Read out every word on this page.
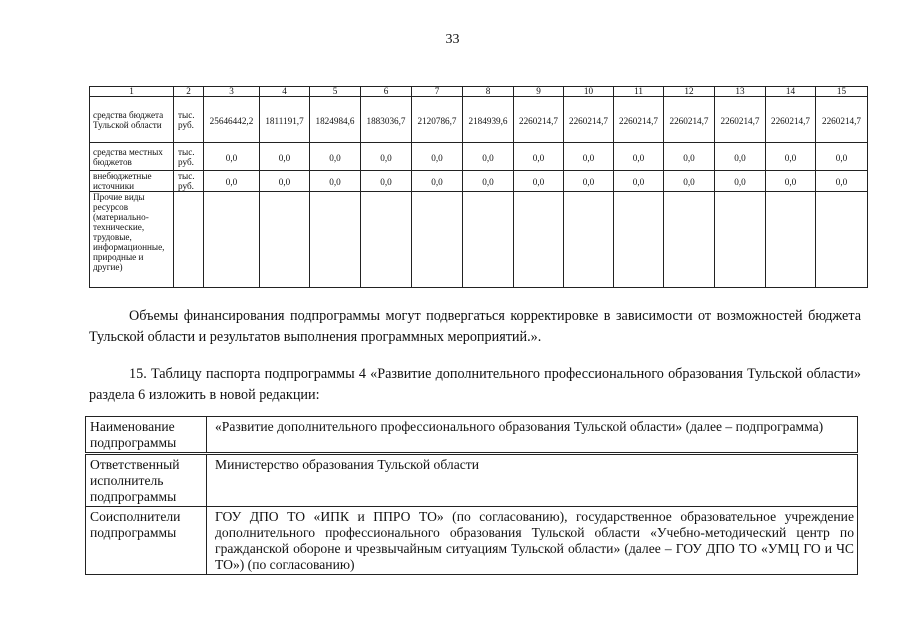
33
1	2	3	4	5	6	7	8	9	10	11	12	13	14	15
средства бюджета Тульской области	тыс. руб.	25646442,2	1811191,7	1824984,6	1883036,7	2120786,7	2184939,6	2260214,7	2260214,7	2260214,7	2260214,7	2260214,7	2260214,7	2260214,7
средства местных бюджетов	тыс. руб.	0,0	0,0	0,0	0,0	0,0	0,0	0,0	0,0	0,0	0,0	0,0	0,0	0,0
внебюджетные источники	тыс. руб.	0,0	0,0	0,0	0,0	0,0	0,0	0,0	0,0	0,0	0,0	0,0	0,0	0,0
Прочие виды ресурсов (материально-технические, трудовые, информационные, природные и другие)														
Объемы финансирования подпрограммы могут подвергаться корректировке в зависимости от возможностей бюджета Тульской области и результатов выполнения программных мероприятий.».
15. Таблицу паспорта подпрограммы 4 «Развитие дополнительного профессионального образования Тульской области» раздела 6 изложить в новой редакции:
Наименование подпрограммы	«Развитие дополнительного профессионального образования Тульской области» (далее – подпрограмма)
Ответственный исполнитель подпрограммы	Министерство образования Тульской области
Соисполнители подпрограммы	ГОУ ДПО ТО «ИПК и ППРО ТО» (по согласованию), государственное образовательное учреждение дополнительного профессионального образования Тульской области «Учебно-методический центр по гражданской обороне и чрезвычайным ситуациям Тульской области» (далее – ГОУ ДПО ТО «УМЦ ГО и ЧС ТО») (по согласованию)
